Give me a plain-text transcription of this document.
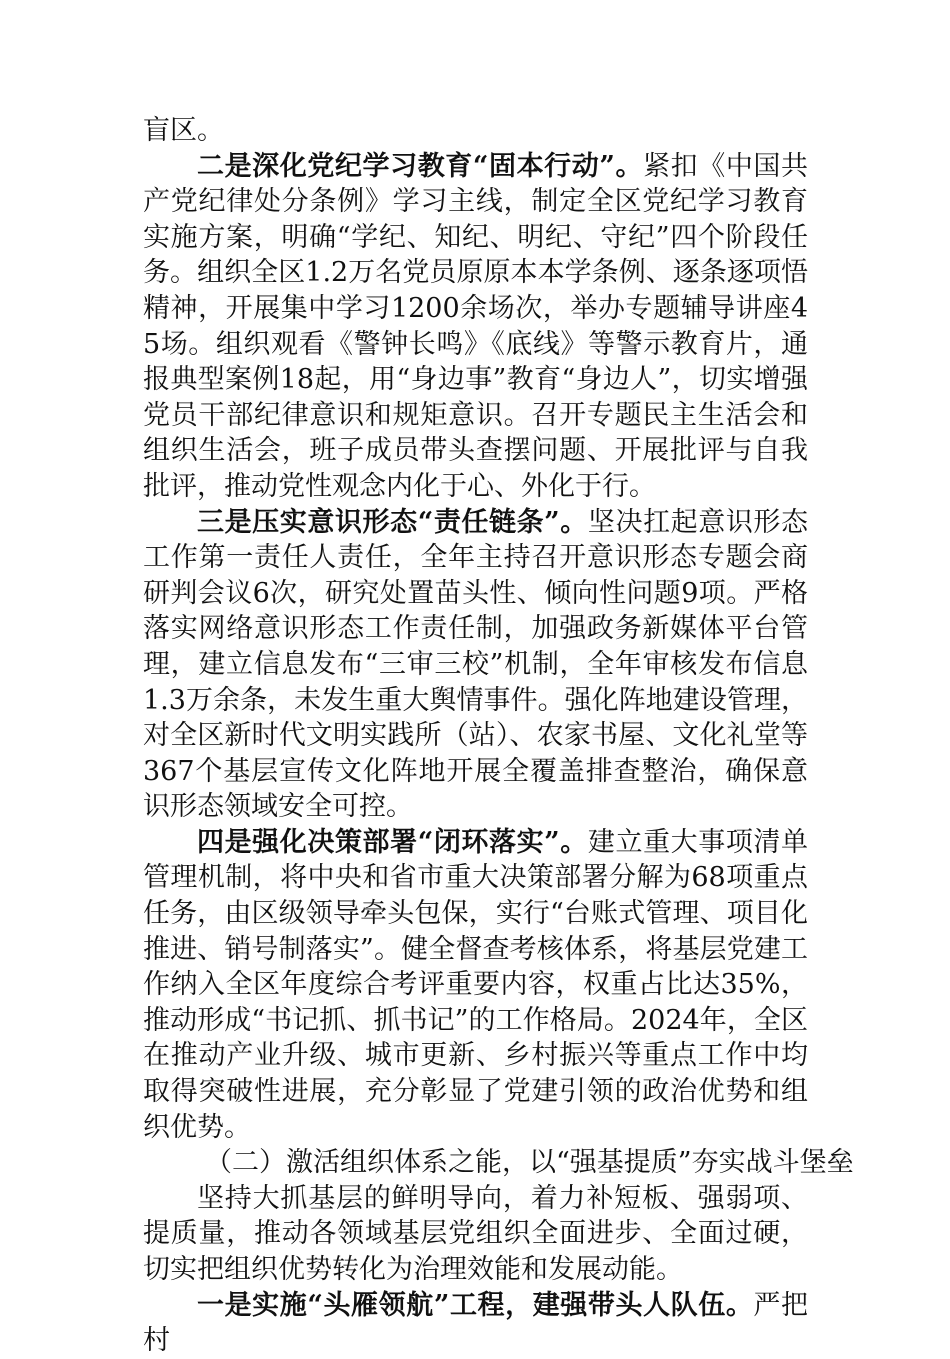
盲区。

二是深化党纪学习教育“固本行动”。紧扣《中国共产党纪律处分条例》学习主线，制定全区党纪学习教育实施方案，明确“学纪、知纪、明纪、守纪”四个阶段任务。组织全区1.2万名党员原原本本学条例、逐条逐项悟精神，开展集中学习1200余场次，举办专题辅导讲座45场。组织观看《警钟长鸣》《底线》等警示教育片，通报典型案例18起，用“身边事”教育“身边人”，切实增强党员干部纪律意识和规矩意识。召开专题民主生活会和组织生活会，班子成员带头查摆问题、开展批评与自我批评，推动党性观念内化于心、外化于行。

三是压实意识形态“责任链条”。坚决扛起意识形态工作第一责任人责任，全年主持召开意识形态专题会商研判会议6次，研究处置苗头性、倾向性问题9项。严格落实网络意识形态工作责任制，加强政务新媒体平台管理，建立信息发布“三审三校”机制，全年审核发布信息1.3万余条，未发生重大舆情事件。强化阵地建设管理，对全区新时代文明实践所（站）、农家书屋、文化礼堂等367个基层宣传文化阵地开展全覆盖排查整治，确保意识形态领域安全可控。

四是强化决策部署“闭环落实”。建立重大事项清单管理机制，将中央和省市重大决策部署分解为68项重点任务，由区级领导牵头包保，实行“台账式管理、项目化推进、销号制落实”。健全督查考核体系，将基层党建工作纳入全区年度综合考评重要内容，权重占比达35%，推动形成“书记抓、抓书记”的工作格局。2024年，全区在推动产业升级、城市更新、乡村振兴等重点工作中均取得突破性进展，充分彰显了党建引领的政治优势和组织优势。

（二）激活组织体系之能，以“强基提质”夯实战斗堡垒

坚持大抓基层的鲜明导向，着力补短板、强弱项、提质量，推动各领域基层党组织全面进步、全面过硬，切实把组织优势转化为治理效能和发展动能。

一是实施“头雁领航”工程，建强带头人队伍。严把村
